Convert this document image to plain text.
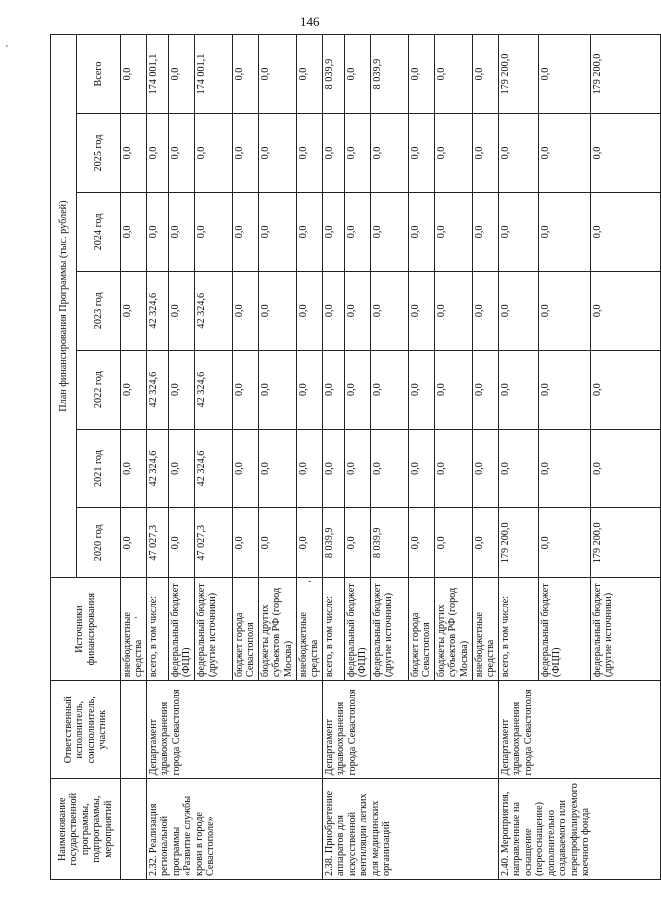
146
'
-
-
Наименование государственной программы, подпрограммы, мероприятий	Ответственный исполнитель, соисполнитель, участник	Источники финансирования	План финансирования Программы (тыс. рублей)						
			2020 год	2021 год	2022 год	2023 год	2024 год	2025 год	Всего
		внебюджетные средства	0,0	0,0	0,0	0,0	0,0	0,0	0,0
2.32. Реализация региональной программы «Развитие службы крови в городе Севастополе»	Департамент здравоохранения города Севастополя	всего, в том числе:	47 027,3	42 324,6	42 324,6	42 324,6	0,0	0,0	174 001,1
		федеральный бюджет (ФЦП)	0,0	0,0	0,0	0,0	0,0	0,0	0,0
		федеральный бюджет (другие источники)	47 027,3	42 324,6	42 324,6	42 324,6	0,0	0,0	174 001,1
		бюджет города Севастополя	0,0	0,0	0,0	0,0	0,0	0,0	0,0
		бюджеты других субъектов РФ (город Москва)	0,0	0,0	0,0	0,0	0,0	0,0	0,0
		внебюджетные средства	0,0	0,0	0,0	0,0	0,0	0,0	0,0
2.38. Приобретение аппаратов для искусственной вентиляции легких для медицинских организаций	Департамент здравоохранения города Севастополя	всего, в том числе:	8 039,9	0,0	0,0	0,0	0,0	0,0	8 039,9
		федеральный бюджет (ФЦП)	0,0	0,0	0,0	0,0	0,0	0,0	0,0
		федеральный бюджет (другие источники)	8 039,9	0,0	0,0	0,0	0,0	0,0	8 039,9
		бюджет города Севастополя	0,0	0,0	0,0	0,0	0,0	0,0	0,0
		бюджеты других субъектов РФ (город Москва)	0,0	0,0	0,0	0,0	0,0	0,0	0,0
		внебюджетные средства	0,0	0,0	0,0	0,0	0,0	0,0	0,0
2.40. Мероприятия, направленные на оснащение (переоснащение) дополнительно создаваемого или перепрофилируемого коечного фонда	Департамент здравоохранения города Севастополя	всего, в том числе:	179 200,0	0,0	0,0	0,0	0,0	0,0	179 200,0
		федеральный бюджет (ФЦП)	0,0	0,0	0,0	0,0	0,0	0,0	0,0
		федеральный бюджет (другие источники)	179 200,0	0,0	0,0	0,0	0,0	0,0	179 200,0
